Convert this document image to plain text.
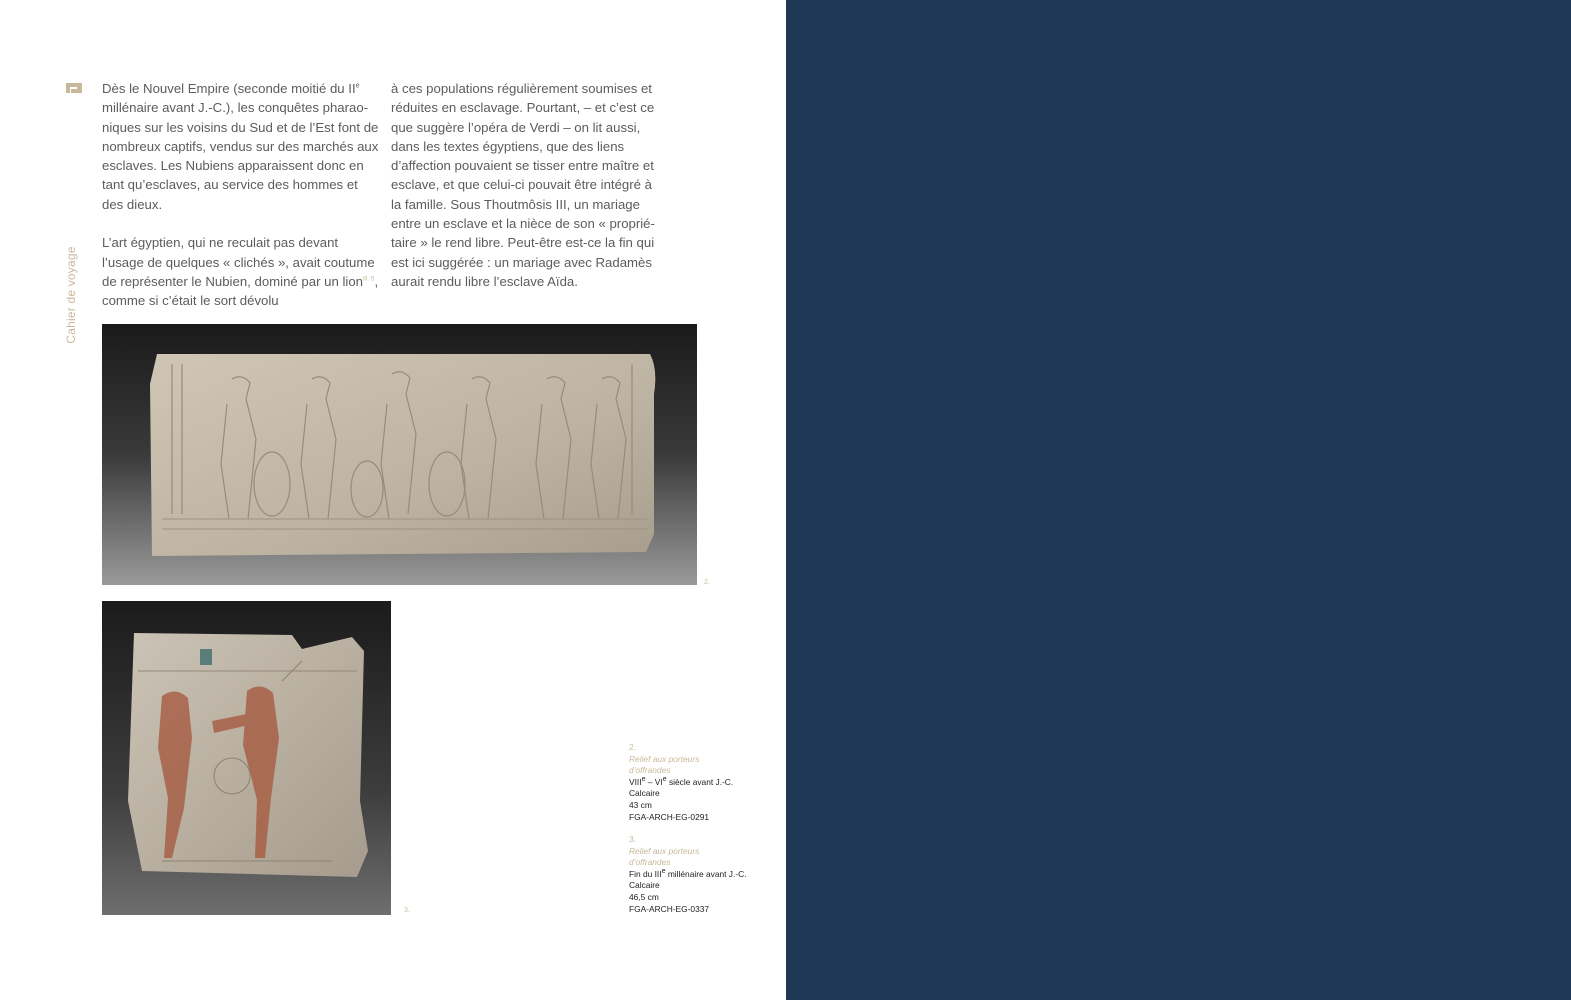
Cahier de voyage

Dès le Nouvel Empire (seconde moitié du IIe millénaire avant J.-C.), les conquêtes pharaoniques sur les voisins du Sud et de l’Est font de nombreux captifs, vendus sur des marchés aux esclaves. Les Nubiens apparaissent donc en tant qu’esclaves, au service des hommes et des dieux.

L’art égyptien, qui ne reculait pas devant l’usage de quelques « clichés », avait coutume de représenter le Nubien, dominé par un lion$^{ill. 5}$, comme si c’était le sort dévolu

à ces populations régulièrement soumises et réduites en esclavage. Pourtant, – et c’est ce que suggère l’opéra de Verdi – on lit aussi, dans les textes égyptiens, que des liens d’affection pouvaient se tisser entre maître et esclave, et que celui-ci pouvait être intégré à la famille. Sous Thoutmôsis III, un mariage entre un esclave et la nièce de son « propriétaire » le rend libre. Peut-être est-ce la fin qui est ici suggérée : un mariage avec Radamès aurait rendu libre l’esclave Aïda.

2.
3.
2.
Relief aux porteurs
d’offrandes
VIIIe – VIe siècle avant J.-C.
Calcaire
43 cm
FGA-ARCH-EG-0291
3.
Relief aux porteurs
d’offrandes
Fin du IIIe millénaire avant J.-C.
Calcaire
46,5 cm
FGA-ARCH-EG-0337
